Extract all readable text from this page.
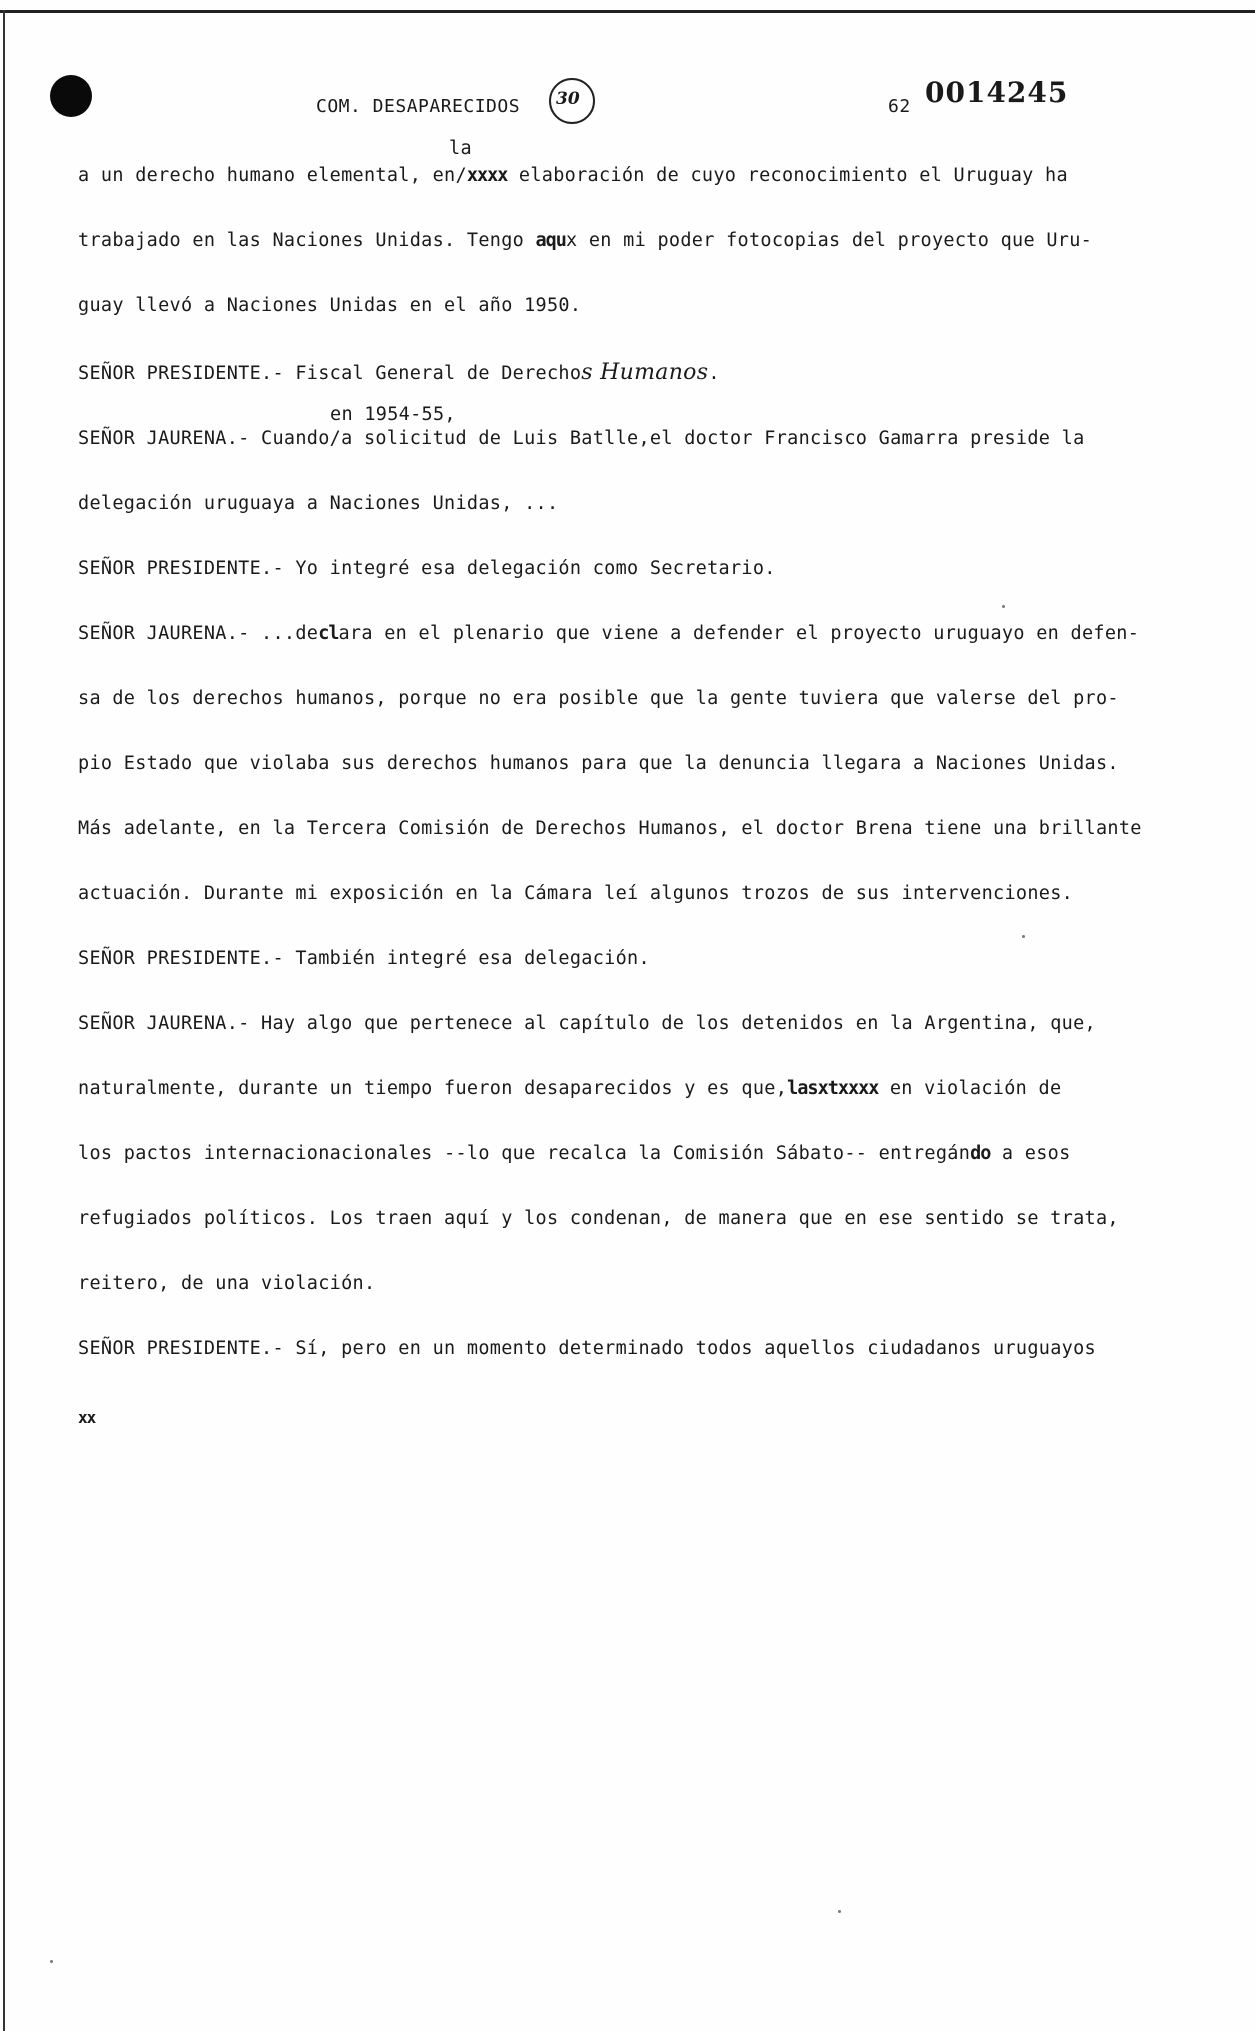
COM. DESAPARECIDOS 30	62 0014245
la
a un derecho humano elemental, en/xxxx elaboración de cuyo reconocimiento el Uruguay ha
trabajado en las Naciones Unidas. Tengo aqux en mi poder fotocopias del proyecto que Uru-
guay llevó a Naciones Unidas en el año 1950.
SEÑOR PRESIDENTE.- Fiscal General de Derechos Humanos.
en 1954-55,
SEÑOR JAURENA.- Cuando/a solicitud de Luis Batlle,el doctor Francisco Gamarra preside la
delegación uruguaya a Naciones Unidas, ...
SEÑOR PRESIDENTE.- Yo integré esa delegación como Secretario.
SEÑOR JAURENA.- ...declara en el plenario que viene a defender el proyecto uruguayo en defen-
sa de los derechos humanos, porque no era posible que la gente tuviera que valerse del pro-
pio Estado que violaba sus derechos humanos para que la denuncia llegara a Naciones Unidas.
Más adelante, en la Tercera Comisión de Derechos Humanos, el doctor Brena tiene una brillante
actuación. Durante mi exposición en la Cámara leí algunos trozos de sus intervenciones.
SEÑOR PRESIDENTE.- También integré esa delegación.
SEÑOR JAURENA.- Hay algo que pertenece al capítulo de los detenidos en la Argentina, que,
naturalmente, durante un tiempo fueron desaparecidos y es que,lasxtxxxx en violación de
los pactos internacionacionales --lo que recalca la Comisión Sábato-- entregándo a esos
refugiados políticos. Los traen aquí y los condenan, de manera que en ese sentido se trata,
reitero, de una violación.
SEÑOR PRESIDENTE.- Sí, pero en un momento determinado todos aquellos ciudadanos uruguayos
xx
